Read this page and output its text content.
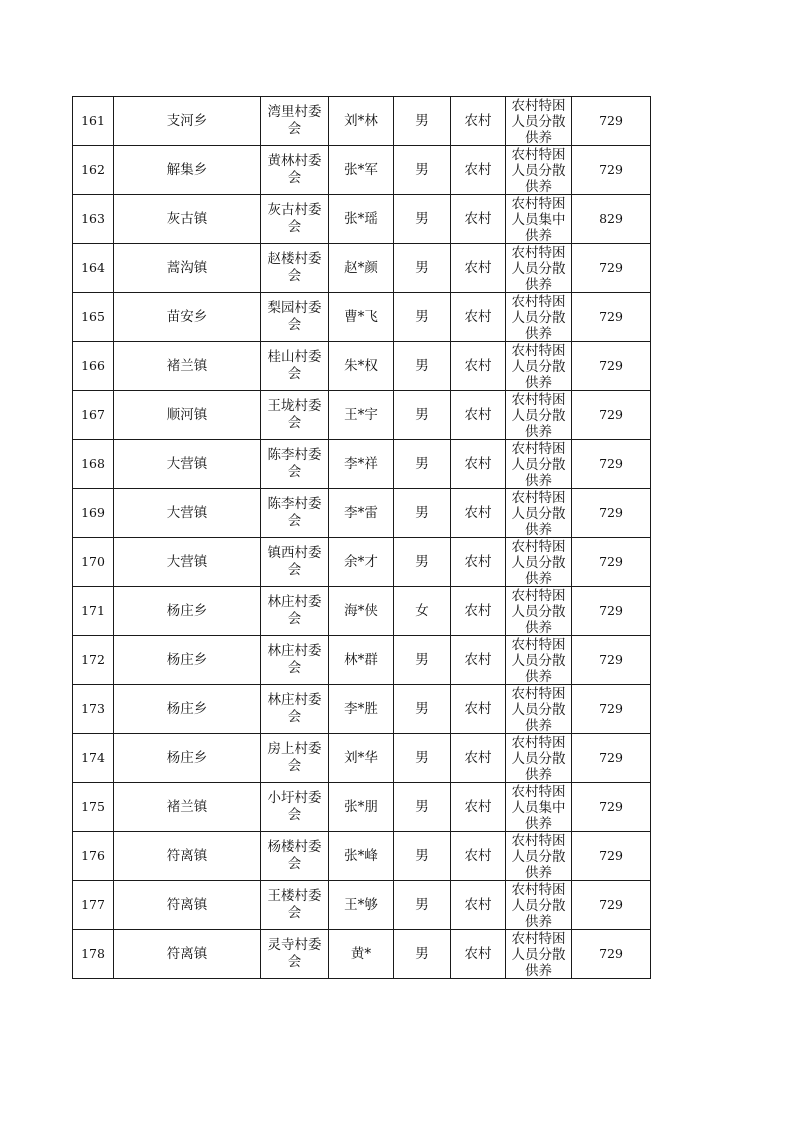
161	支河乡	湾里村委会	刘*林	男	农村	农村特困人员分散供养	729
162	解集乡	黄林村委会	张*军	男	农村	农村特困人员分散供养	729
163	灰古镇	灰古村委会	张*瑶	男	农村	农村特困人员集中供养	829
164	蒿沟镇	赵楼村委会	赵*颜	男	农村	农村特困人员分散供养	729
165	苗安乡	梨园村委会	曹*飞	男	农村	农村特困人员分散供养	729
166	褚兰镇	桂山村委会	朱*权	男	农村	农村特困人员分散供养	729
167	顺河镇	王垅村委会	王*宇	男	农村	农村特困人员分散供养	729
168	大营镇	陈李村委会	李*祥	男	农村	农村特困人员分散供养	729
169	大营镇	陈李村委会	李*雷	男	农村	农村特困人员分散供养	729
170	大营镇	镇西村委会	余*才	男	农村	农村特困人员分散供养	729
171	杨庄乡	林庄村委会	海*侠	女	农村	农村特困人员分散供养	729
172	杨庄乡	林庄村委会	林*群	男	农村	农村特困人员分散供养	729
173	杨庄乡	林庄村委会	李*胜	男	农村	农村特困人员分散供养	729
174	杨庄乡	房上村委会	刘*华	男	农村	农村特困人员分散供养	729
175	褚兰镇	小圩村委会	张*朋	男	农村	农村特困人员集中供养	729
176	符离镇	杨楼村委会	张*峰	男	农村	农村特困人员分散供养	729
177	符离镇	王楼村委会	王*够	男	农村	农村特困人员分散供养	729
178	符离镇	灵寺村委会	黄*	男	农村	农村特困人员分散供养	729
